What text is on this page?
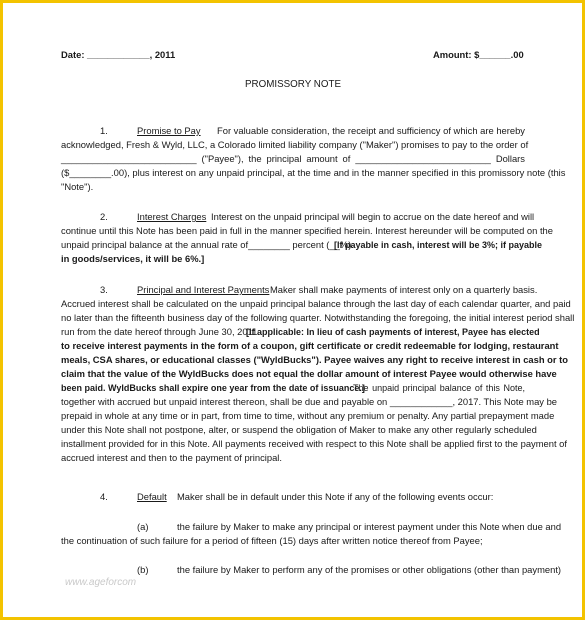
Date: ____________, 2011	Amount: $______.00
PROMISSORY NOTE
1.	Promise to Pay For valuable consideration, the receipt and sufficiency of which are hereby
acknowledged, Fresh & Wyld, LLC, a Colorado limited liability company ("Maker") promises to pay to the order of
__________________________ ("Payee"), the principal amount of __________________________ Dollars
($________.00), plus interest on any unpaid principal, at the time and in the manner specified in this promissory note (this
"Note").
2.	Interest Charges Interest on the unpaid principal will begin to accrue on the date hereof and will
continue until this Note has been paid in full in the manner specified herein. Interest hereunder will be computed on the
unpaid principal balance at the annual rate of________ percent (__%).
[If payable in cash, interest will be 3%; if payable
in goods/services, it will be 6%.]
3.	Principal and Interest Payments Maker shall make payments of interest only on a quarterly basis.
Accrued interest shall be calculated on the unpaid principal balance through the last day of each calendar quarter, and paid
no later than the fifteenth business day of the following quarter. Notwithstanding the foregoing, the initial interest period shall
run from the date hereof through June 30, 2011.
[If applicable: In lieu of cash payments of interest, Payee has elected
to receive interest payments in the form of a coupon, gift certificate or credit redeemable for lodging, restaurant
meals, CSA shares, or educational classes ("WyldBucks"). Payee waives any right to receive interest in cash or to
claim that the value of the WyldBucks does not equal the dollar amount of interest Payee would otherwise have
been paid. WyldBucks shall expire one year from the date of issuance.]
The unpaid principal balance of this Note,
together with accrued but unpaid interest thereon, shall be due and payable on ____________, 2017. This Note may be
prepaid in whole at any time or in part, from time to time, without any premium or penalty. Any partial prepayment made
under this Note shall not postpone, alter, or suspend the obligation of Maker to make any other regularly scheduled
installment provided for in this Note. All payments received with respect to this Note shall be applied first to the payment of
accrued interest and then to the payment of principal.
4.	Default Maker shall be in default under this Note if any of the following events occur:
(a)	the failure by Maker to make any principal or interest payment under this Note when due and
the continuation of such failure for a period of fifteen (15) days after written notice thereof from Payee;
(b)	the failure by Maker to perform any of the promises or other obligations (other than payment)
www.ageforcom
